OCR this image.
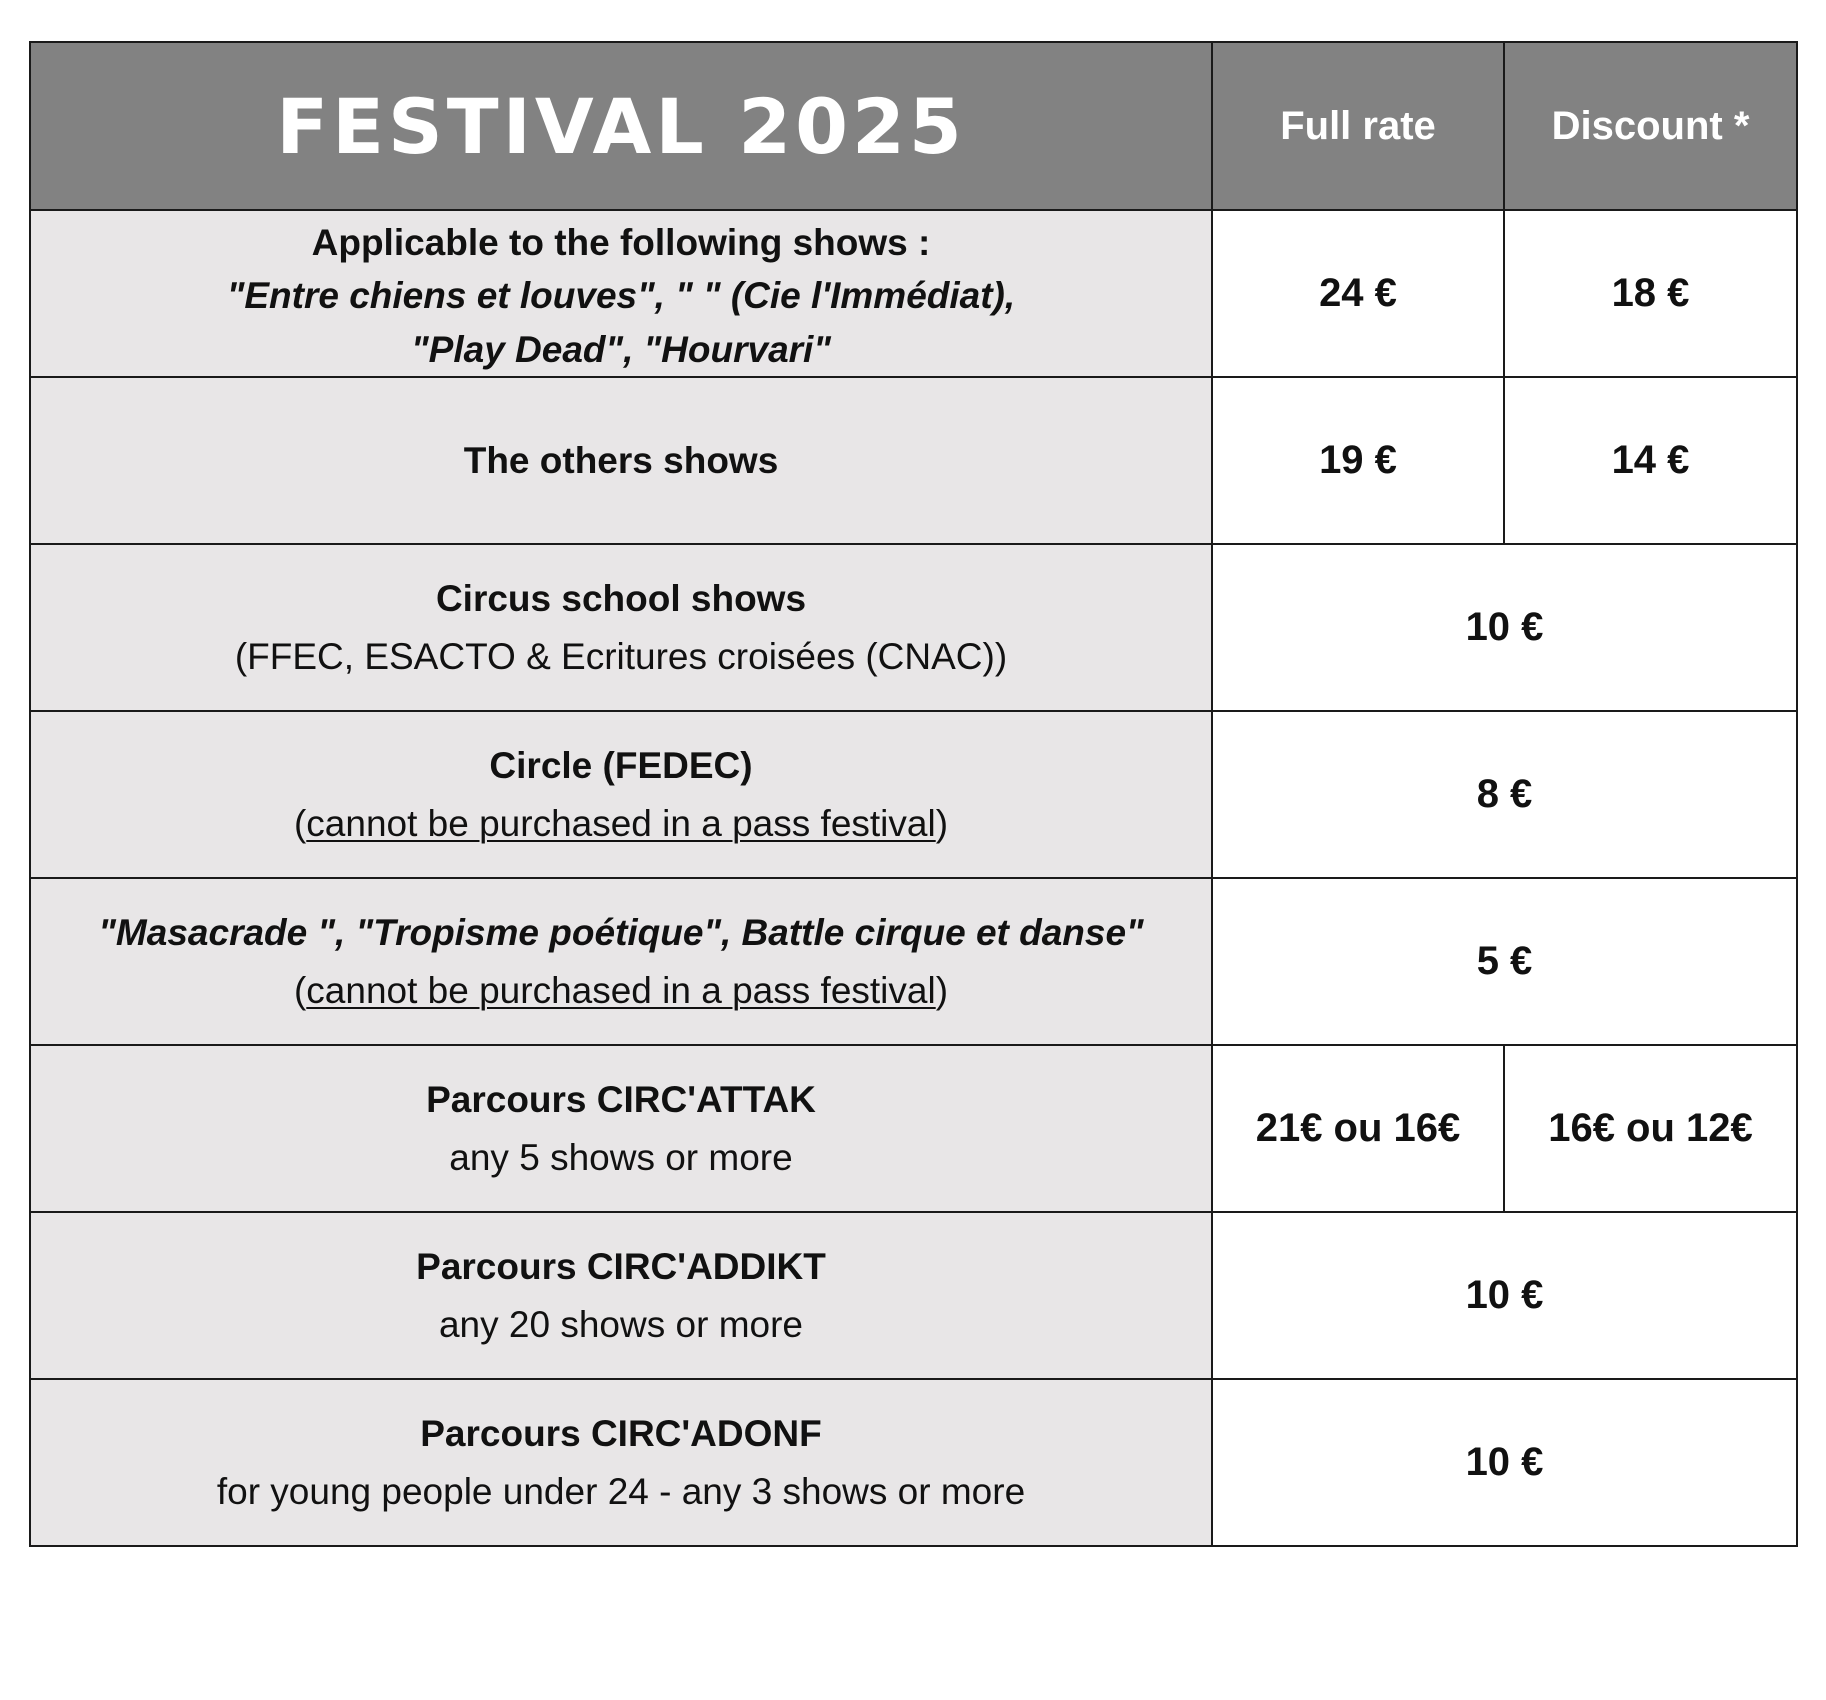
FESTIVAL 2025	Full rate	Discount *

Applicable to the following shows :
"Entre chiens et louves", " " (Cie l'Immédiat),
"Play Dead", "Hourvari"	24 €	18 €

The others shows	19 €	14 €

Circus school shows
(FFEC, ESACTO & Ecritures croisées (CNAC))	10 €	

Circle (FEDEC)
(cannot be purchased in a pass festival)	8 €	

"Masacrade ", "Tropisme poétique", Battle cirque et danse"
(cannot be purchased in a pass festival)	5 €	

Parcours CIRC'ATTAK
any 5 shows or more	21€ ou 16€	16€ ou 12€

Parcours CIRC'ADDIKT
any 20 shows or more	10 €	

Parcours CIRC'ADONF
for young people under 24 - any 3 shows or more	10 €	
